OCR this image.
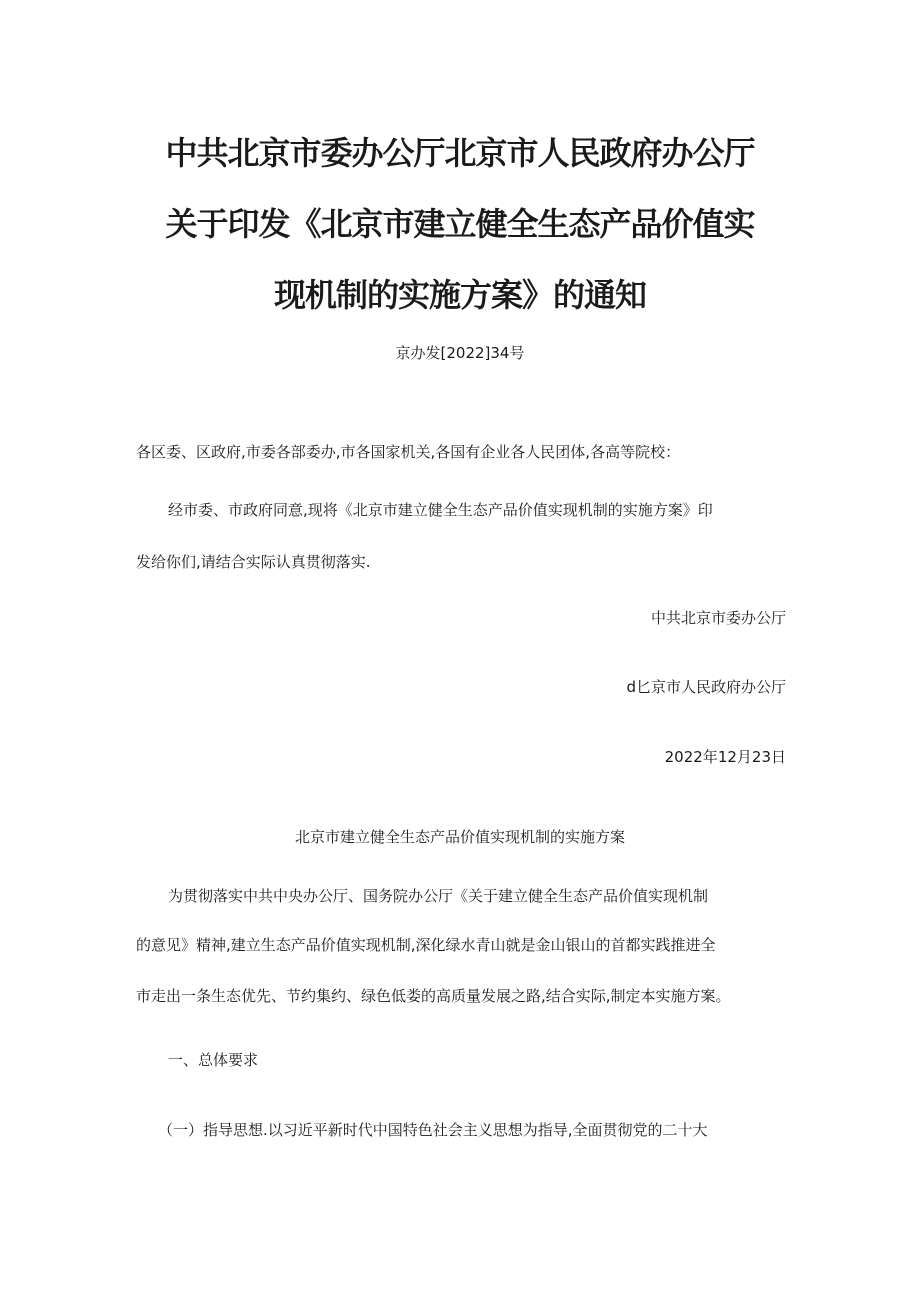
中共北京市委办公厅北京市人民政府办公厅
关于印发《北京市建立健全生态产品价值实
现机制的实施方案》的通知
京办发[2022]34号
各区委、区政府,市委各部委办,市各国家机关,各国有企业各人民团体,各高等院校：
经市委、市政府同意,现将《北京市建立健全生态产品价值实现机制的实施方案》印
发给你们,请结合实际认真贯彻落实.
中共北京市委办公厅
d匕京市人民政府办公厅
2022年12月23日
北京市建立健全生态产品价值实现机制的实施方案
为贯彻落实中共中央办公厅、国务院办公厅《关于建立健全生态产品价值实现机制
的意见》精神,建立生态产品价值实现机制,深化绿水青山就是金山银山的首都实践推进全
市走出一条生态优先、节约集约、绿色低娄的高质量发展之路,结合实际,制定本实施方案。
一、总体要求
（一）指导思想.以习近平新时代中国特色社会主义思想为指导,全面贯彻党的二十大
